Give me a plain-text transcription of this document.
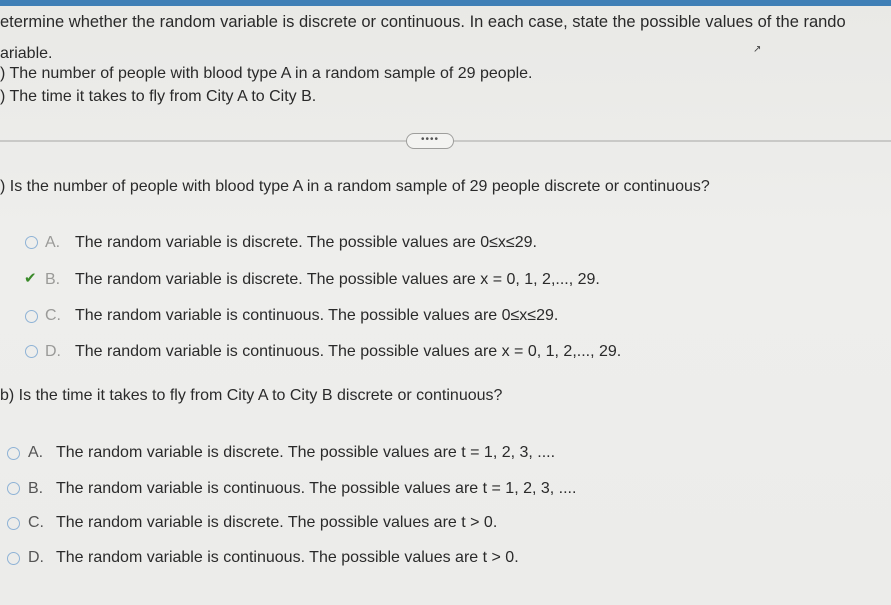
etermine whether the random variable is discrete or continuous. In each case, state the possible values of the rando
ariable.
) The number of people with blood type A in a random sample of 29 people.
) The time it takes to fly from City A to City B.
↗
••••
) Is the number of people with blood type A in a random sample of 29 people discrete or continuous?
A. The random variable is discrete. The possible values are 0≤x≤29.
✔ B. The random variable is discrete. The possible values are x = 0, 1, 2,..., 29.
C. The random variable is continuous. The possible values are 0≤x≤29.
D. The random variable is continuous. The possible values are x = 0, 1, 2,..., 29.
b) Is the time it takes to fly from City A to City B discrete or continuous?
A. The random variable is discrete. The possible values are t = 1, 2, 3, ....
B. The random variable is continuous. The possible values are t = 1, 2, 3, ....
C. The random variable is discrete. The possible values are t > 0.
D. The random variable is continuous. The possible values are t > 0.
